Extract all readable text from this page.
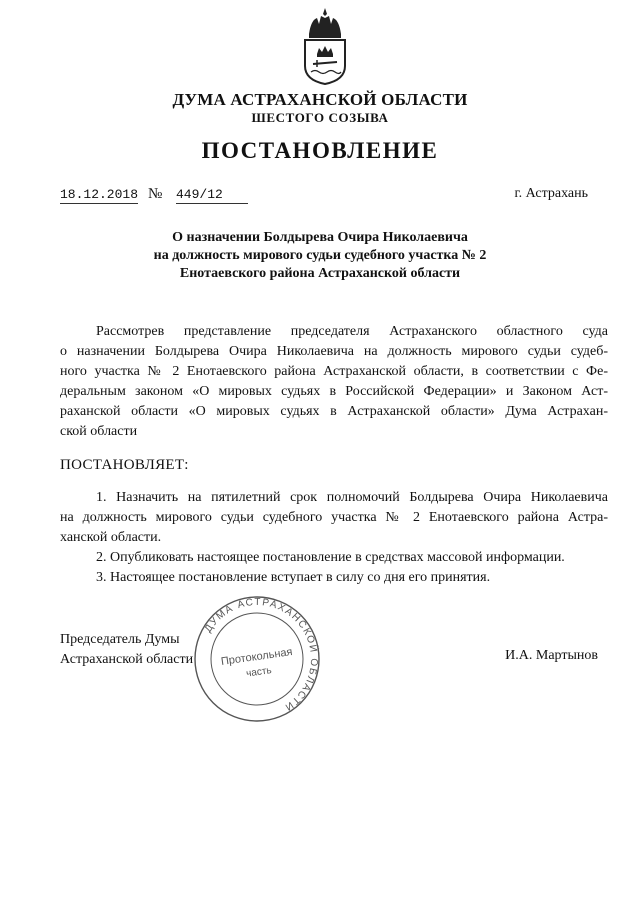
ДУМА АСТРАХАНСКОЙ ОБЛАСТИ
ШЕСТОГО СОЗЫВА
ПОСТАНОВЛЕНИЕ
18.12.2018 № 449/12	г. Астрахань
О назначении Болдырева Очира Николаевича
на должность мирового судьи судебного участка № 2
Енотаевского района Астраханской области
Рассмотрев представление председателя Астраханского областного суда
о назначении Болдырева Очира Николаевича на должность мирового судьи судеб-
ного участка № 2 Енотаевского района Астраханской области, в соответствии с Фе-
деральным законом «О мировых судьях в Российской Федерации» и Законом Аст-
раханской области «О мировых судьях в Астраханской области» Дума Астрахан-
ской области
ПОСТАНОВЛЯЕТ:
1. Назначить на пятилетний срок полномочий Болдырева Очира Николаевича
на должность мирового судьи судебного участка № 2 Енотаевского района Астра-
ханской области.
2. Опубликовать настоящее постановление в средствах массовой информации.
3. Настоящее постановление вступает в силу со дня его принятия.
Председатель Думы
Астраханской области	И.А. Мартынов
ДУМА АСТРАХАНСКОЙ ОБЛАСТИ
Протокольная
часть
